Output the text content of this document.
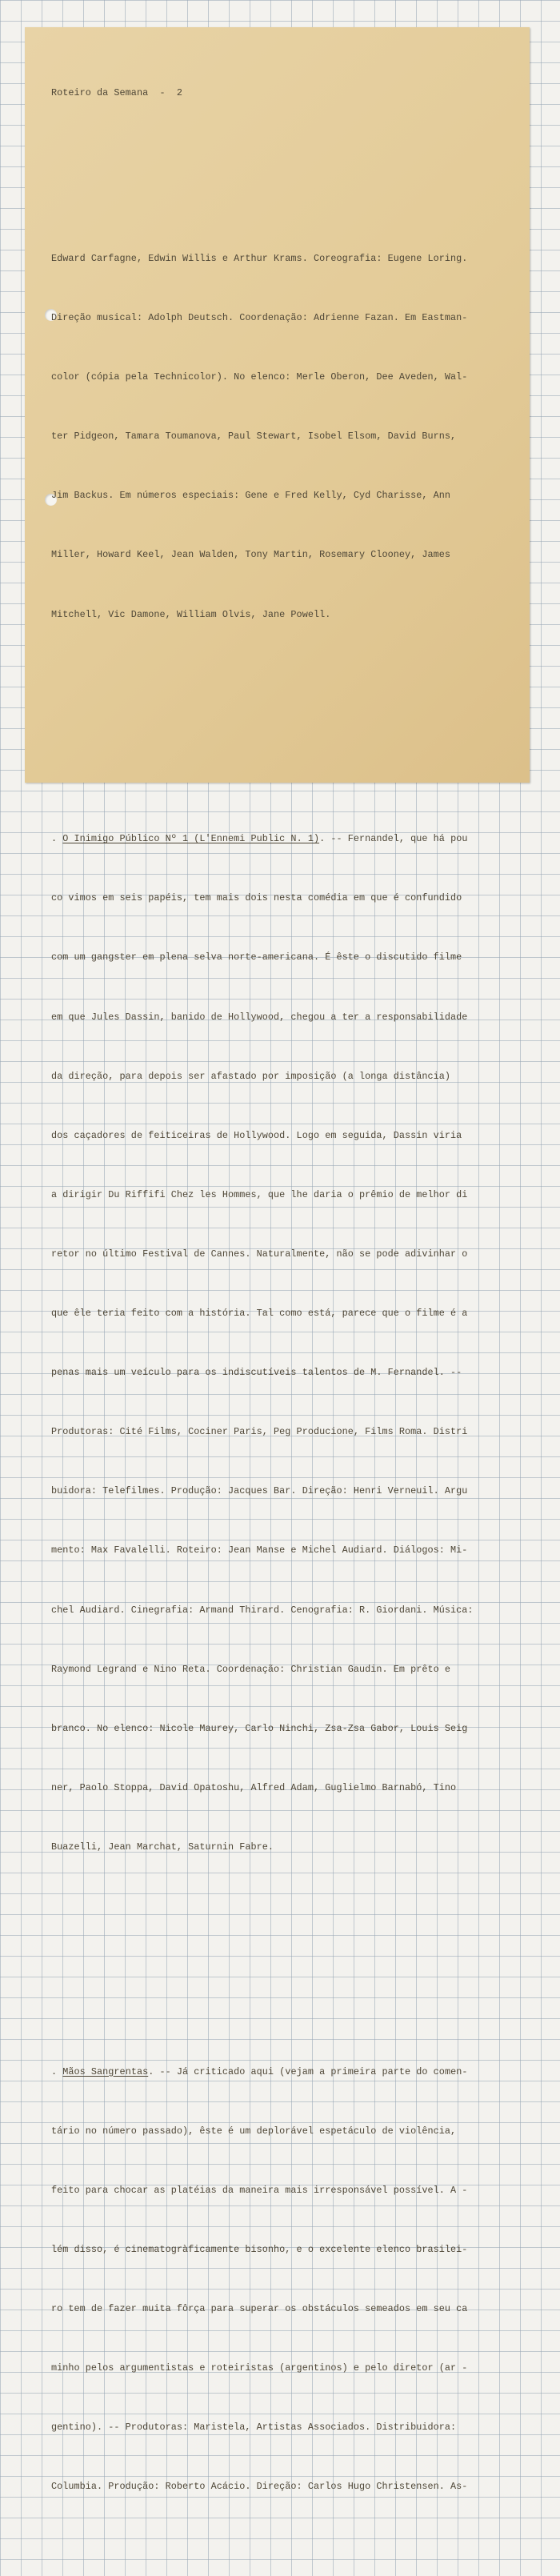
Roteiro da Semana  -  2

Edward Carfagne, Edwin Willis e Arthur Krams. Coreografia: Eugene Loring.

Direção musical: Adolph Deutsch. Coordenação: Adrienne Fazan. Em Eastman-

color (cópia pela Technicolor). No elenco: Merle Oberon, Dee Aveden, Wal-

ter Pidgeon, Tamara Toumanova, Paul Stewart, Isobel Elsom, David Burns,

Jim Backus. Em números especiais: Gene e Fred Kelly, Cyd Charisse, Ann

Miller, Howard Keel, Jean Walden, Tony Martin, Rosemary Clooney, James

Mitchell, Vic Damone, William Olvis, Jane Powell.

. O Inimigo Público Nº 1 (L'Ennemi Public N. 1). -- Fernandel, que há pou

co vimos em seis papéis, tem mais dois nesta comédia em que é confundido

com um gangster em plena selva norte-americana. É êste o discutido filme

em que Jules Dassin, banido de Hollywood, chegou a ter a responsabilidade

da direção, para depois ser afastado por imposição (a longa distância)

dos caçadores de feiticeiras de Hollywood. Logo em seguida, Dassin viria

a dirigir Du Riffifi Chez les Hommes, que lhe daria o prêmio de melhor di

retor no último Festival de Cannes. Naturalmente, não se pode adivinhar o

que êle teria feito com a história. Tal como está, parece que o filme é a

penas mais um veículo para os indiscutíveis talentos de M. Fernandel. --

Produtoras: Cité Films, Cociner Paris, Peg Producione, Films Roma. Distri

buidora: Telefilmes. Produção: Jacques Bar. Direção: Henri Verneuil. Argu

mento: Max Favalelli. Roteiro: Jean Manse e Michel Audiard. Diálogos: Mi-

chel Audiard. Cinegrafia: Armand Thirard. Cenografia: R. Giordani. Música:

Raymond Legrand e Nino Reta. Coordenação: Christian Gaudin. Em prêto e

branco. No elenco: Nicole Maurey, Carlo Ninchi, Zsa-Zsa Gabor, Louis Seig

ner, Paolo Stoppa, David Opatoshu, Alfred Adam, Guglielmo Barnabó, Tino

Buazelli, Jean Marchat, Saturnin Fabre.

. Mãos Sangrentas. -- Já criticado aqui (vejam a primeira parte do comen-

tário no número passado), êste é um deplorável espetáculo de violência,

feito para chocar as platéias da maneira mais irresponsável possível. A -

lém disso, é cinematogràficamente bisonho, e o excelente elenco brasilei-

ro tem de fazer muita fôrça para superar os obstáculos semeados em seu ca

minho pelos argumentistas e roteiristas (argentinos) e pelo diretor (ar -

gentino). -- Produtoras: Maristela, Artistas Associados. Distribuidora:

Columbia. Produção: Roberto Acácio. Direção: Carlos Hugo Christensen. As-
